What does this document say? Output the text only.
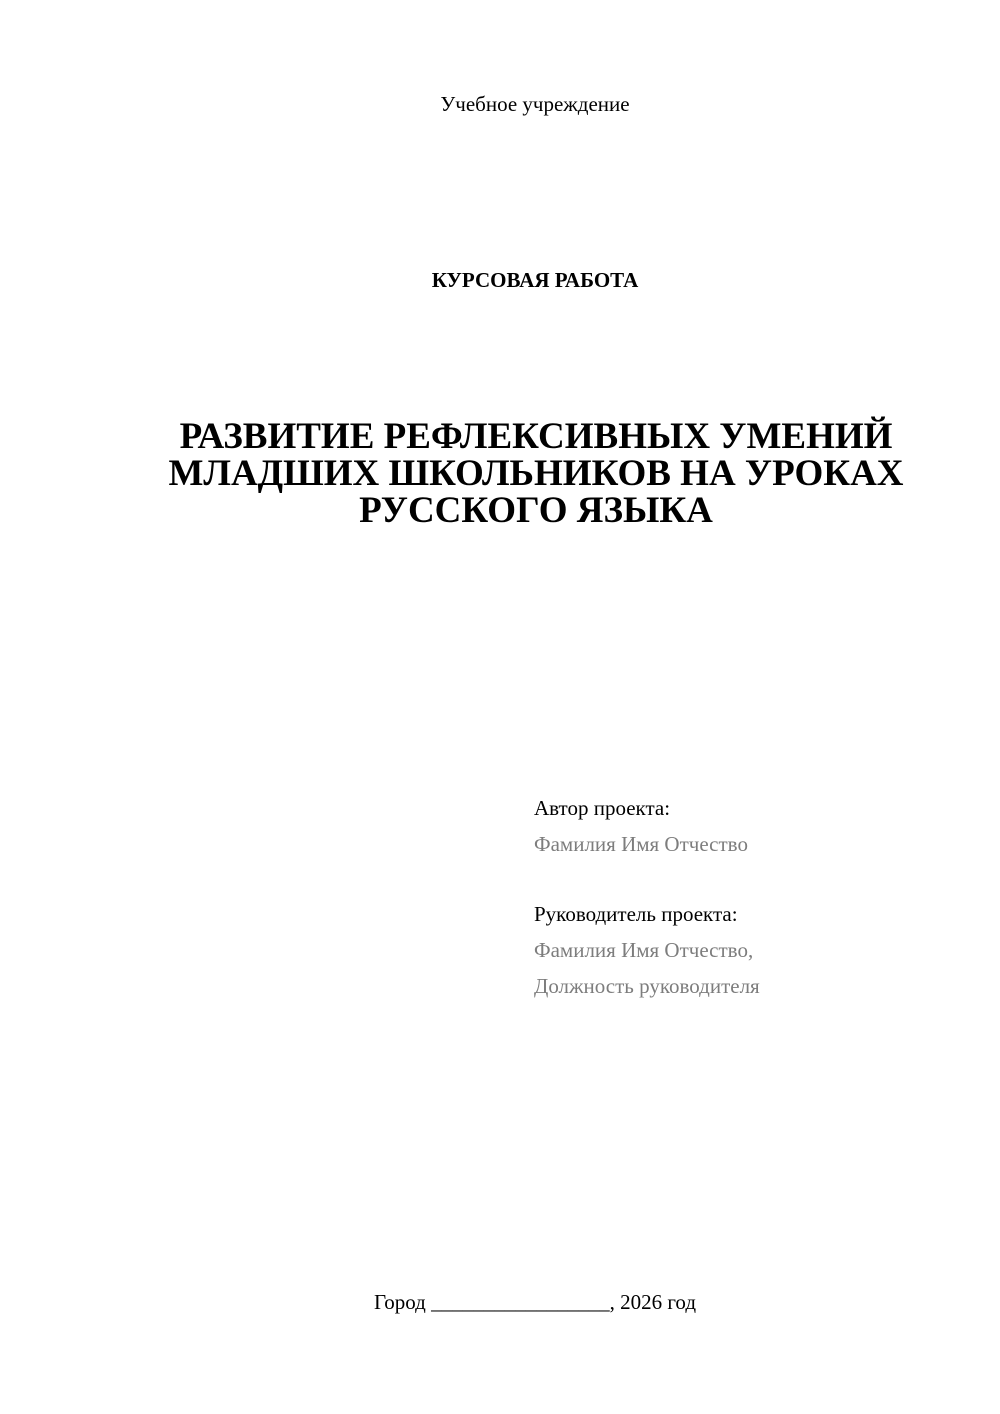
Учебное учреждение
КУРСОВАЯ РАБОТА
РАЗВИТИЕ РЕФЛЕКСИВНЫХ УМЕНИЙ
МЛАДШИХ ШКОЛЬНИКОВ НА УРОКАХ
РУССКОГО ЯЗЫКА
Автор проекта:
Фамилия Имя Отчество
Руководитель проекта:
Фамилия Имя Отчество,
Должность руководителя
Город _________________, 2026 год
